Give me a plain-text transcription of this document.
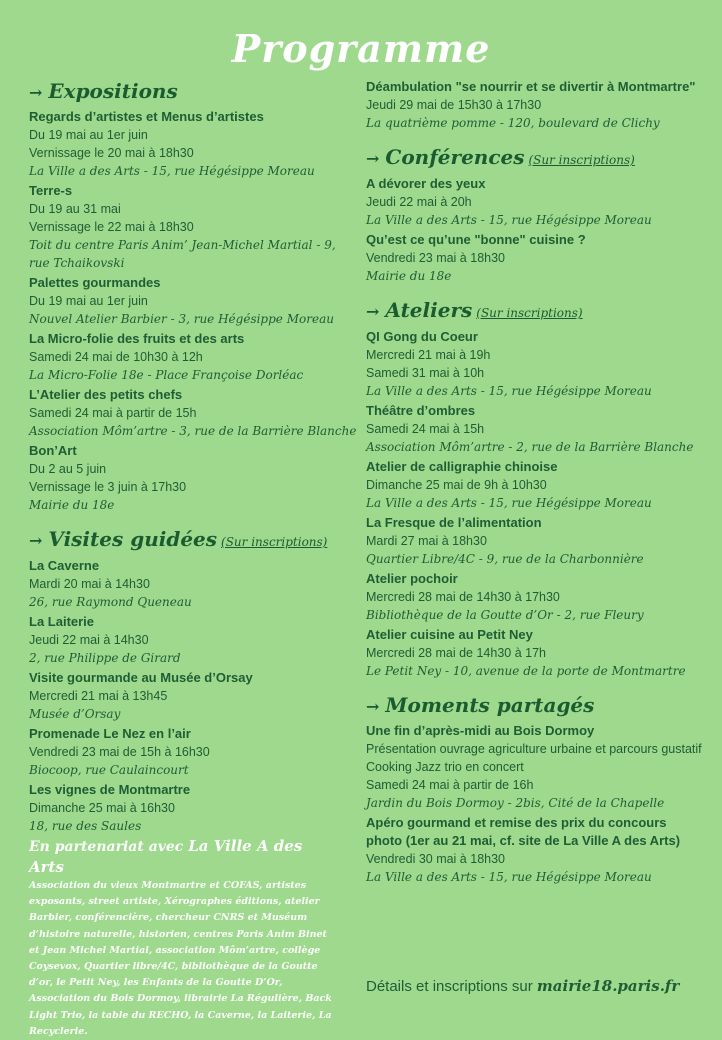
Programme
→ Expositions
Regards d’artistes et Menus d’artistes

Du 19 mai au 1er juin

Vernissage le 20 mai à 18h30

La Ville a des Arts - 15, rue Hégésippe Moreau

Terre-s

Du 19 au 31 mai

Vernissage le 22 mai à 18h30

Toit du centre Paris Anim’ Jean-Michel Martial - 9, rue Tchaikovski

Palettes gourmandes

Du 19 mai au 1er juin

Nouvel Atelier Barbier - 3, rue Hégésippe Moreau

La Micro-folie des fruits et des arts

Samedi 24 mai de 10h30 à 12h

La Micro-Folie 18e - Place Françoise Dorléac

L’Atelier des petits chefs

Samedi 24 mai à partir de 15h

Association Môm’artre - 3, rue de la Barrière Blanche

Bon’Art

Du 2 au 5 juin

Vernissage le 3 juin à 17h30

Mairie du 18e

→ Visites guidées (Sur inscriptions)
La Caverne

Mardi 20 mai à 14h30

26, rue Raymond Queneau

La Laiterie

Jeudi 22 mai à 14h30

2, rue Philippe de Girard

Visite gourmande au Musée d’Orsay

Mercredi 21 mai à 13h45

Musée d’Orsay

Promenade Le Nez en l’air

Vendredi 23 mai de 15h à 16h30

Biocoop, rue Caulaincourt

Les vignes de Montmartre

Dimanche 25 mai à 16h30

18, rue des Saules

Déambulation "se nourrir et se divertir à Montmartre"

Jeudi 29 mai de 15h30 à 17h30

La quatrième pomme - 120, boulevard de Clichy

→ Conférences (Sur inscriptions)
A dévorer des yeux

Jeudi 22 mai à 20h

La Ville a des Arts - 15, rue Hégésippe Moreau

Qu’est ce qu’une "bonne" cuisine ?

Vendredi 23 mai à 18h30

Mairie du 18e

→ Ateliers (Sur inscriptions)
QI Gong du Coeur

Mercredi 21 mai à 19h

Samedi 31 mai à 10h

La Ville a des Arts - 15, rue Hégésippe Moreau

Théâtre d’ombres

Samedi 24 mai à 15h

Association Môm’artre - 2, rue de la Barrière Blanche

Atelier de calligraphie chinoise

Dimanche 25 mai de 9h à 10h30

La Ville a des Arts - 15, rue Hégésippe Moreau

La Fresque de l’alimentation

Mardi 27 mai à 18h30

Quartier Libre/4C - 9, rue de la Charbonnière

Atelier pochoir

Mercredi 28 mai de 14h30 à 17h30

Bibliothèque de la Goutte d’Or - 2, rue Fleury

Atelier cuisine au Petit Ney

Mercredi 28 mai de 14h30 à 17h

Le Petit Ney - 10, avenue de la porte de Montmartre

→ Moments partagés
Une fin d’après-midi au Bois Dormoy

Présentation ouvrage agriculture urbaine et parcours gustatif

Cooking Jazz trio en concert

Samedi 24 mai à partir de 16h

Jardin du Bois Dormoy - 2bis, Cité de la Chapelle

Apéro gourmand et remise des prix du concours photo (1er au 21 mai, cf. site de La Ville A des Arts)

Vendredi 30 mai à 18h30

La Ville a des Arts - 15, rue Hégésippe Moreau

En partenariat avec La Ville A des Arts

Association du vieux Montmartre et COFAS, artistes exposants, street artiste, Xérographes éditions, atelier Barbier, conférencière, chercheur CNRS et Muséum d’histoire naturelle, historien, centres Paris Anim Binet et Jean Michel Martial, association Môm’artre, collège Coysevox, Quartier libre/4C, bibliothèque de la Goutte d’or, le Petit Ney, les Enfants de la Goutte D’Or, Association du Bois Dormoy, librairie La Régulière, Back Light Trio, la table du RECHO, la Caverne, la Laiterie, La Recyclerie.

Détails et inscriptions sur mairie18.paris.fr
